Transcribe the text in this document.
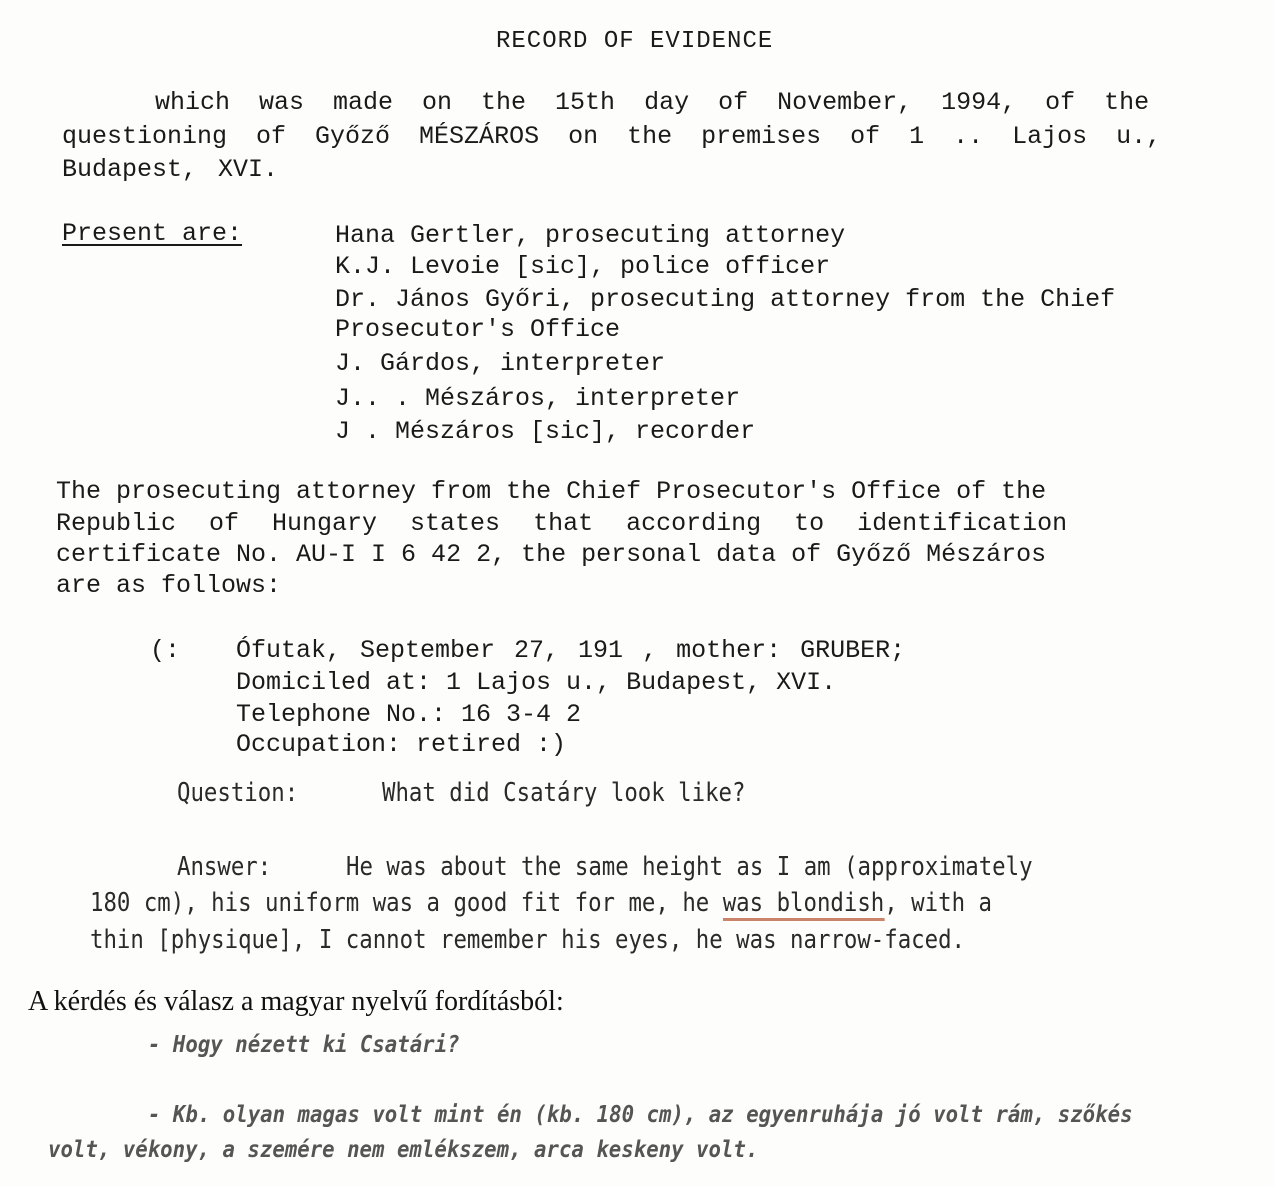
RECORD OF EVIDENCE
which was made on the 15th day of November, 1994, of the
questioning of Győző MÉSZÁROS on the premises of 1 .. Lajos u.,
Budapest, XVI.
Present are:	Hana Gertler, prosecuting attorney
K.J. Levoie [sic], police officer
Dr. János Győri, prosecuting attorney from the Chief
Prosecutor's Office
J. Gárdos, interpreter
J.. . Mészáros, interpreter
J . Mészáros [sic], recorder
The prosecuting attorney from the Chief Prosecutor's Office of the
Republic of Hungary states that according to identification
certificate No. AU-I I 6 42 2, the personal data of Győző Mészáros
are as follows:
(: Ófutak, September 27, 191 , mother: GRUBER;
Domiciled at: 1 Lajos u., Budapest, XVI.
Telephone No.: 16 3-4 2
Occupation: retired :)
Question:	What did Csatáry look like?
Answer:	He was about the same height as I am (approximately
180 cm), his uniform was a good fit for me, he was blondish, with a
thin [physique], I cannot remember his eyes, he was narrow-faced.
A kérdés és válasz a magyar nyelvű fordításból:
- Hogy nézett ki Csatári?
- Kb. olyan magas volt mint én (kb. 180 cm), az egyenruhája jó volt rám, szőkés
volt, vékony, a szemére nem emlékszem, arca keskeny volt.
